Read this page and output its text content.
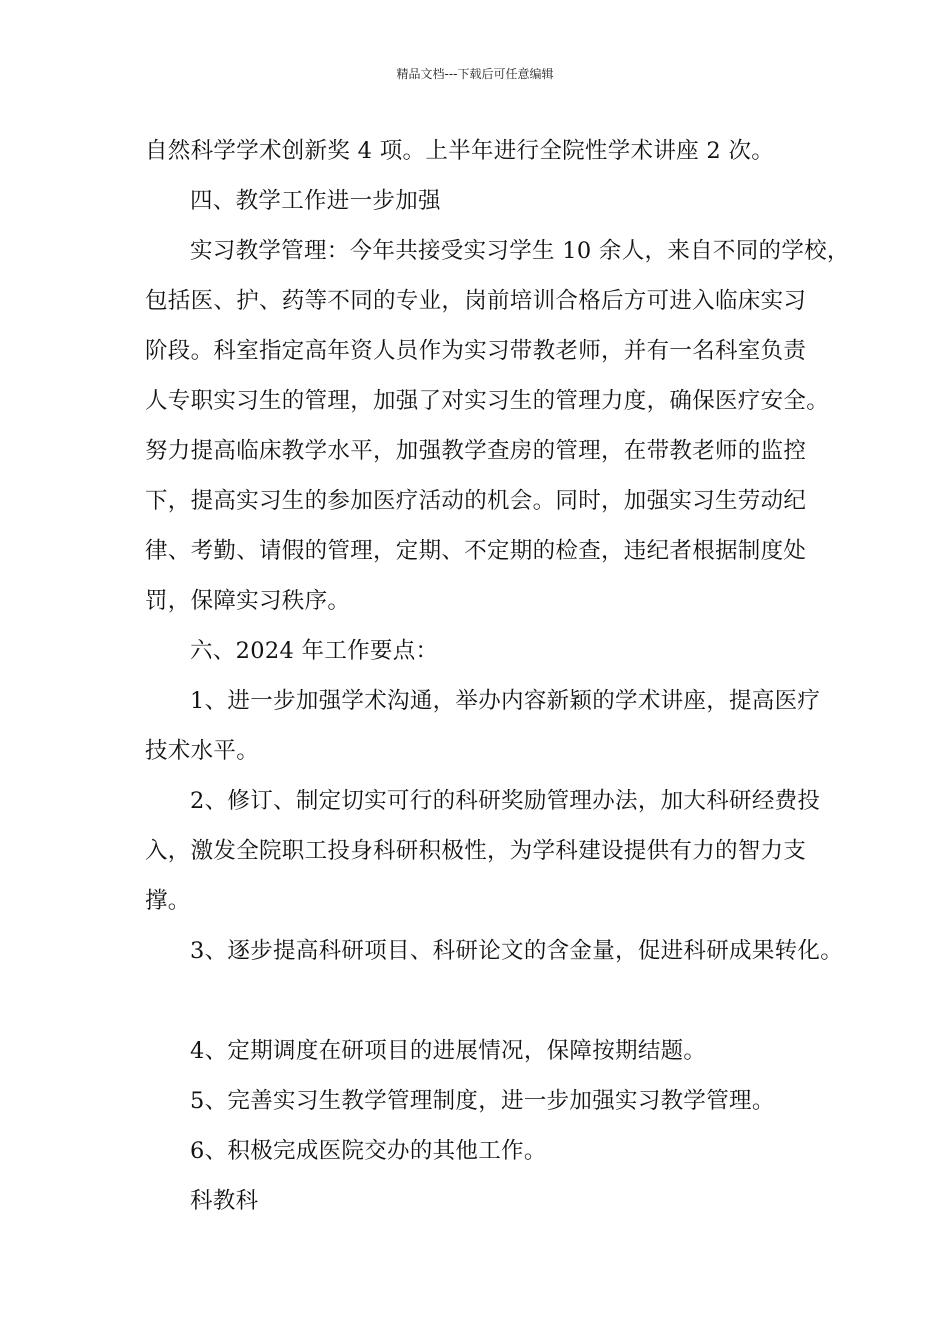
精品文档---下载后可任意编辑
自然科学学术创新奖 4 项。上半年进行全院性学术讲座 2 次。
四、教学工作进一步加强
实习教学管理：今年共接受实习学生 10 余人，来自不同的学校，
包括医、护、药等不同的专业，岗前培训合格后方可进入临床实习
阶段。科室指定高年资人员作为实习带教老师，并有一名科室负责
人专职实习生的管理，加强了对实习生的管理力度，确保医疗安全。
努力提高临床教学水平，加强教学查房的管理，在带教老师的监控
下，提高实习生的参加医疗活动的机会。同时，加强实习生劳动纪
律、考勤、请假的管理，定期、不定期的检查，违纪者根据制度处
罚，保障实习秩序。
六、2024 年工作要点：
1、进一步加强学术沟通，举办内容新颖的学术讲座，提高医疗
技术水平。
2、修订、制定切实可行的科研奖励管理办法，加大科研经费投
入，激发全院职工投身科研积极性，为学科建设提供有力的智力支
撑。
3、逐步提高科研项目、科研论文的含金量，促进科研成果转化。
4、定期调度在研项目的进展情况，保障按期结题。
5、完善实习生教学管理制度，进一步加强实习教学管理。
6、积极完成医院交办的其他工作。
科教科
